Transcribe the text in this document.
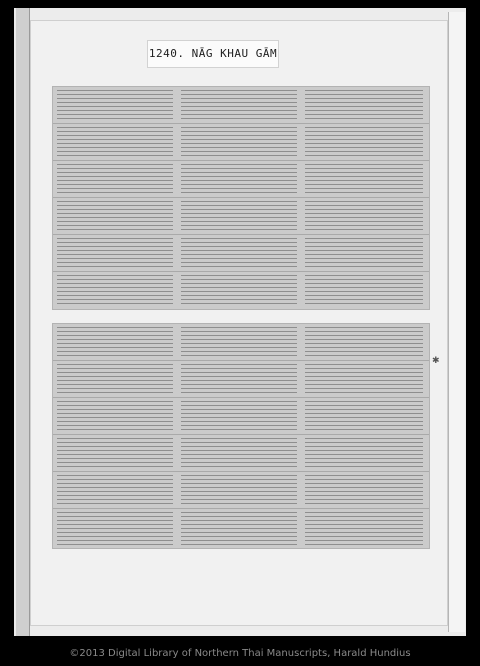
1240. NĀG KHAU GĀM
✱
©2013 Digital Library of Northern Thai Manuscripts, Harald Hundius
